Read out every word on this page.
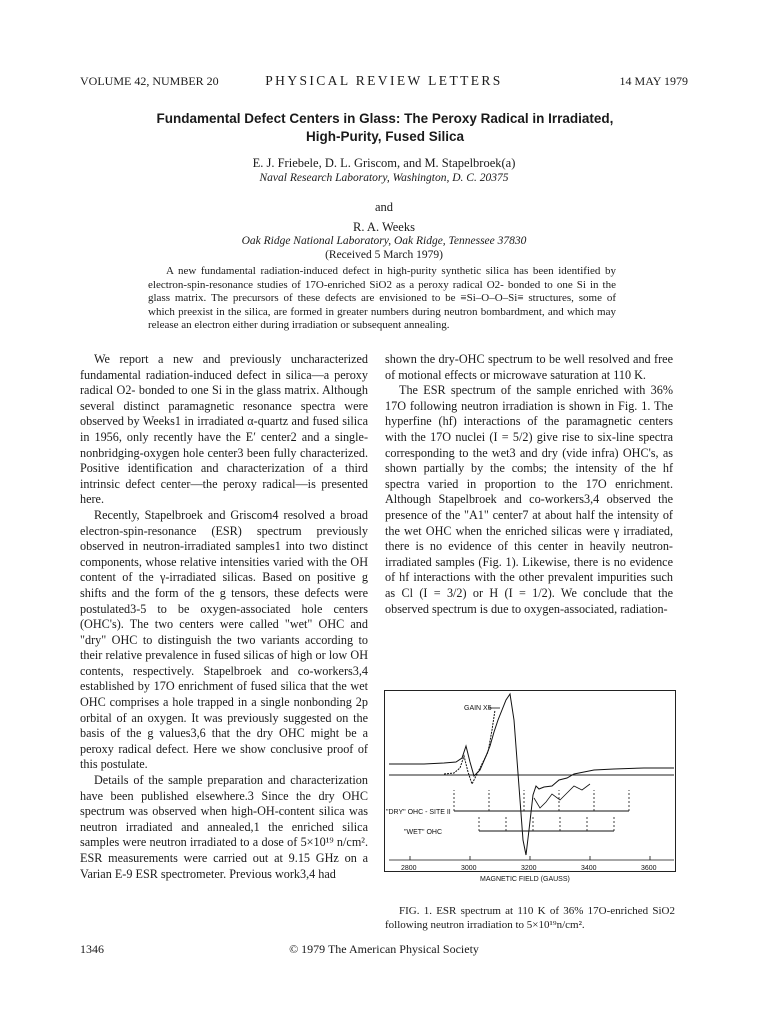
VOLUME 42, NUMBER 20	PHYSICAL REVIEW LETTERS	14 MAY 1979
Fundamental Defect Centers in Glass: The Peroxy Radical in Irradiated,
High-Purity, Fused Silica
E. J. Friebele, D. L. Griscom, and M. Stapelbroek(a)
Naval Research Laboratory, Washington, D. C. 20375
and
R. A. Weeks
Oak Ridge National Laboratory, Oak Ridge, Tennessee 37830
(Received 5 March 1979)
A new fundamental radiation-induced defect in high-purity synthetic silica has been identified by electron-spin-resonance studies of 17O-enriched SiO2 as a peroxy radical O2- bonded to one Si in the glass matrix. The precursors of these defects are envisioned to be ≡Si–O–O–Si≡ structures, some of which preexist in the silica, are formed in greater numbers during neutron bombardment, and which may release an electron either during irradiation or subsequent annealing.

We report a new and previously uncharacterized fundamental radiation-induced defect in silica—a peroxy radical O2- bonded to one Si in the glass matrix. Although several distinct paramagnetic resonance spectra were observed by Weeks1 in irradiated α-quartz and fused silica in 1956, only recently have the E′ center2 and a single-nonbridging-oxygen hole center3 been fully characterized. Positive identification and characterization of a third intrinsic defect center—the peroxy radical—is presented here.

Recently, Stapelbroek and Griscom4 resolved a broad electron-spin-resonance (ESR) spectrum previously observed in neutron-irradiated samples1 into two distinct components, whose relative intensities varied with the OH content of the γ-irradiated silicas. Based on positive g shifts and the form of the g tensors, these defects were postulated3-5 to be oxygen-associated hole centers (OHC's). The two centers were called "wet" OHC and "dry" OHC to distinguish the two variants according to their relative prevalence in fused silicas of high or low OH contents, respectively. Stapelbroek and co-workers3,4 established by 17O enrichment of fused silica that the wet OHC comprises a hole trapped in a single nonbonding 2p orbital of an oxygen. It was previously suggested on the basis of the g values3,6 that the dry OHC might be a peroxy radical defect. Here we show conclusive proof of this postulate.

Details of the sample preparation and characterization have been published elsewhere.3 Since the dry OHC spectrum was observed when high-OH-content silica was neutron irradiated and annealed,1 the enriched silica samples were neutron irradiated to a dose of 5×10¹⁹ n/cm². ESR measurements were carried out at 9.15 GHz on a Varian E-9 ESR spectrometer. Previous work3,4 had

shown the dry-OHC spectrum to be well resolved and free of motional effects or microwave saturation at 110 K.

The ESR spectrum of the sample enriched with 36% 17O following neutron irradiation is shown in Fig. 1. The hyperfine (hf) interactions of the paramagnetic centers with the 17O nuclei (I = 5/2) give rise to six-line spectra corresponding to the wet3 and dry (vide infra) OHC's, as shown partially by the combs; the intensity of the hf spectra varied in proportion to the 17O enrichment. Although Stapelbroek and co-workers3,4 observed the presence of the "A1" center7 at about half the intensity of the wet OHC when the enriched silicas were γ irradiated, there is no evidence of this center in heavily neutron-irradiated samples (Fig. 1). Likewise, there is no evidence of hf interactions with the other prevalent impurities such as Cl (I = 3/2) or H (I = 1/2). We conclude that the observed spectrum is due to oxygen-associated, radiation-

GAIN X5
"DRY" OHC - SITE II
"WET" OHC
2800	3000	3200	3400	3600
MAGNETIC FIELD (GAUSS)
FIG. 1. ESR spectrum at 110 K of 36% 17O-enriched SiO2 following neutron irradiation to 5×10¹⁹n/cm².
1346	© 1979 The American Physical Society
